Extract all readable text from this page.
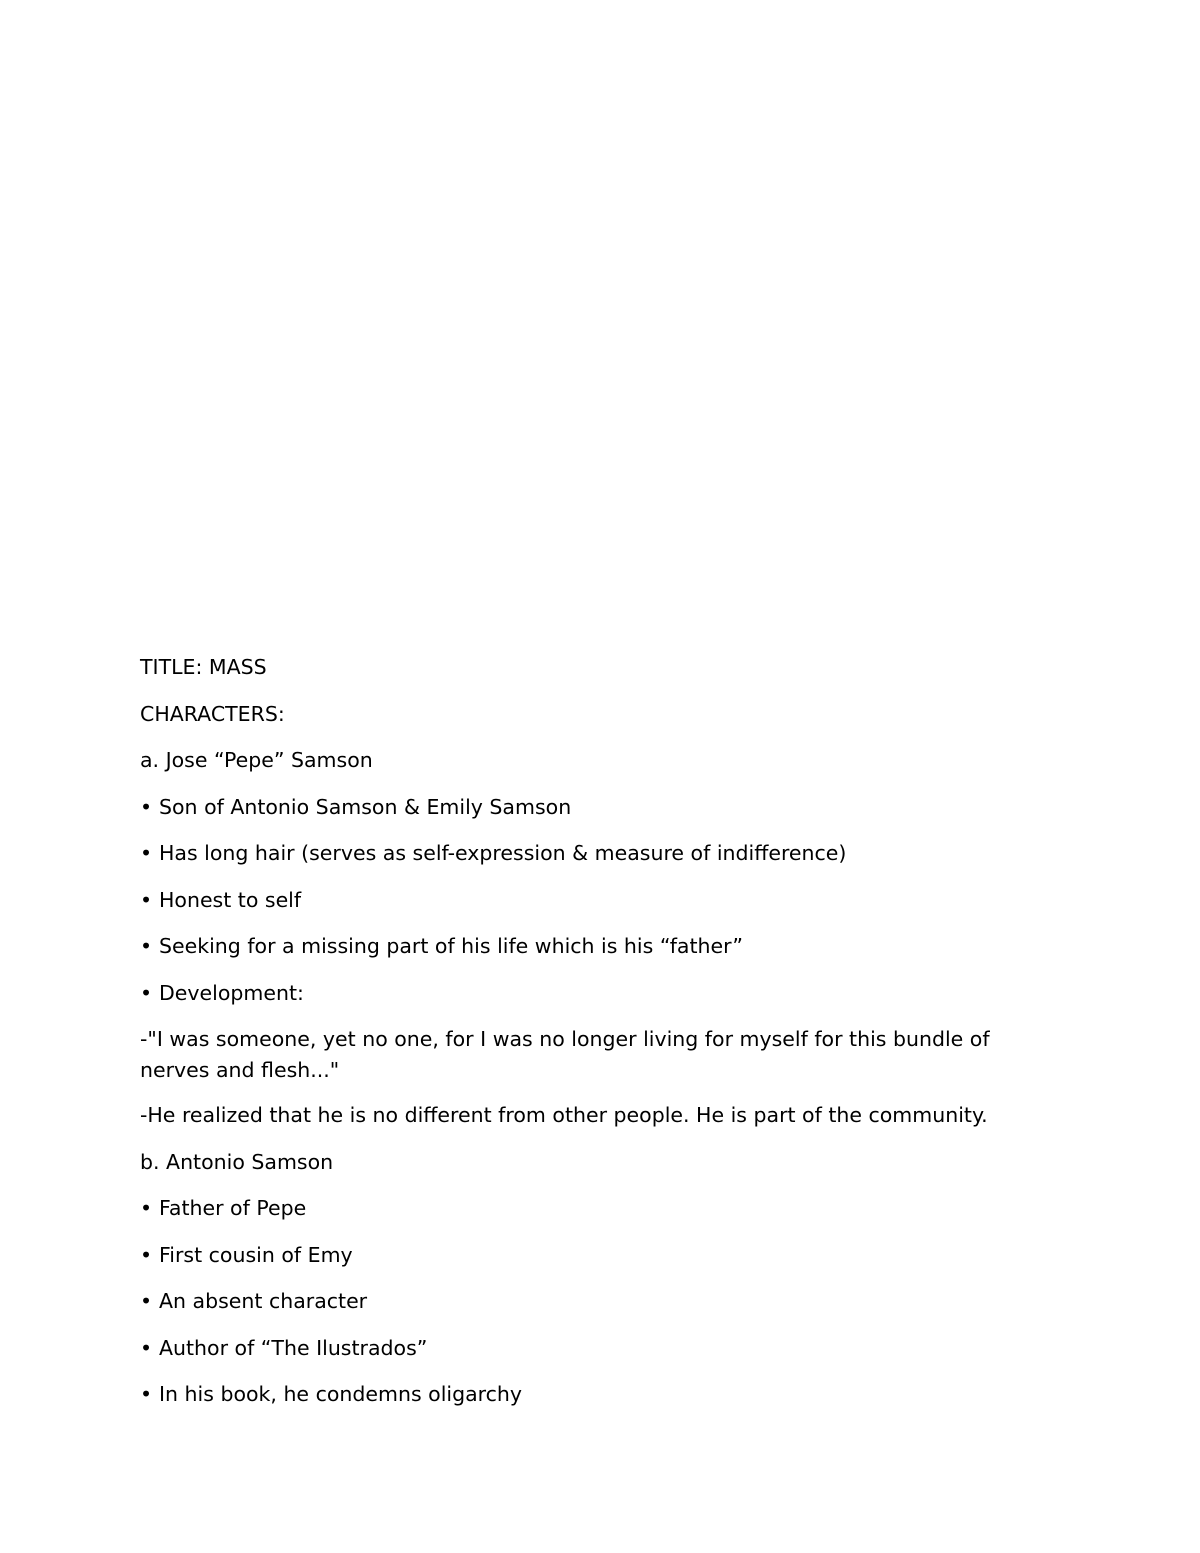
TITLE: MASS
CHARACTERS:
a. Jose “Pepe” Samson
• Son of Antonio Samson & Emily Samson
• Has long hair (serves as self-expression & measure of indifference)
• Honest to self
• Seeking for a missing part of his life which is his “father”
• Development:
-"I was someone, yet no one, for I was no longer living for myself for this bundle of nerves and flesh..."
-He realized that he is no different from other people. He is part of the community.
b. Antonio Samson
• Father of Pepe
• First cousin of Emy
• An absent character
• Author of “The Ilustrados”
• In his book, he condemns oligarchy
